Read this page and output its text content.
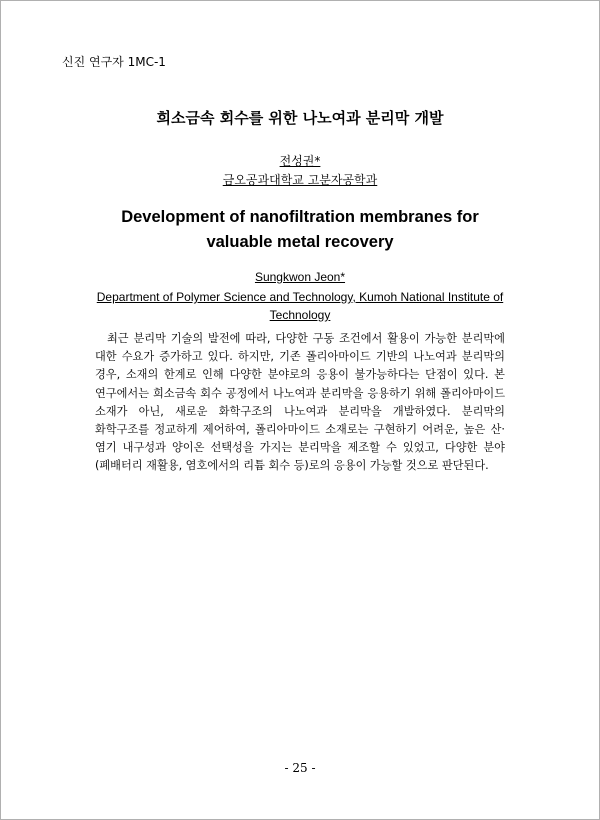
신진 연구자 1MC-1
희소금속 회수를 위한 나노여과 분리막 개발
전성권*
금오공과대학교 고분자공학과
Development of nanofiltration membranes for valuable metal recovery
Sungkwon Jeon*
Department of Polymer Science and Technology, Kumoh National Institute of Technology

최근 분리막 기술의 발전에 따라, 다양한 구동 조건에서 활용이 가능한 분리막에 대한 수요가 증가하고 있다. 하지만, 기존 폴리아마이드 기반의 나노여과 분리막의 경우, 소재의 한계로 인해 다양한 분야로의 응용이 불가능하다는 단점이 있다. 본 연구에서는 희소금속 회수 공정에서 나노여과 분리막을 응용하기 위해 폴리아마이드 소재가 아닌, 새로운 화학구조의 나노여과 분리막을 개발하였다. 분리막의 화학구조를 정교하게 제어하여, 폴리아마이드 소재로는 구현하기 어려운, 높은 산·염기 내구성과 양이온 선택성을 가지는 분리막을 제조할 수 있었고, 다양한 분야(폐배터리 재활용, 염호에서의 리튬 회수 등)로의 응용이 가능할 것으로 판단된다.

- 25 -
